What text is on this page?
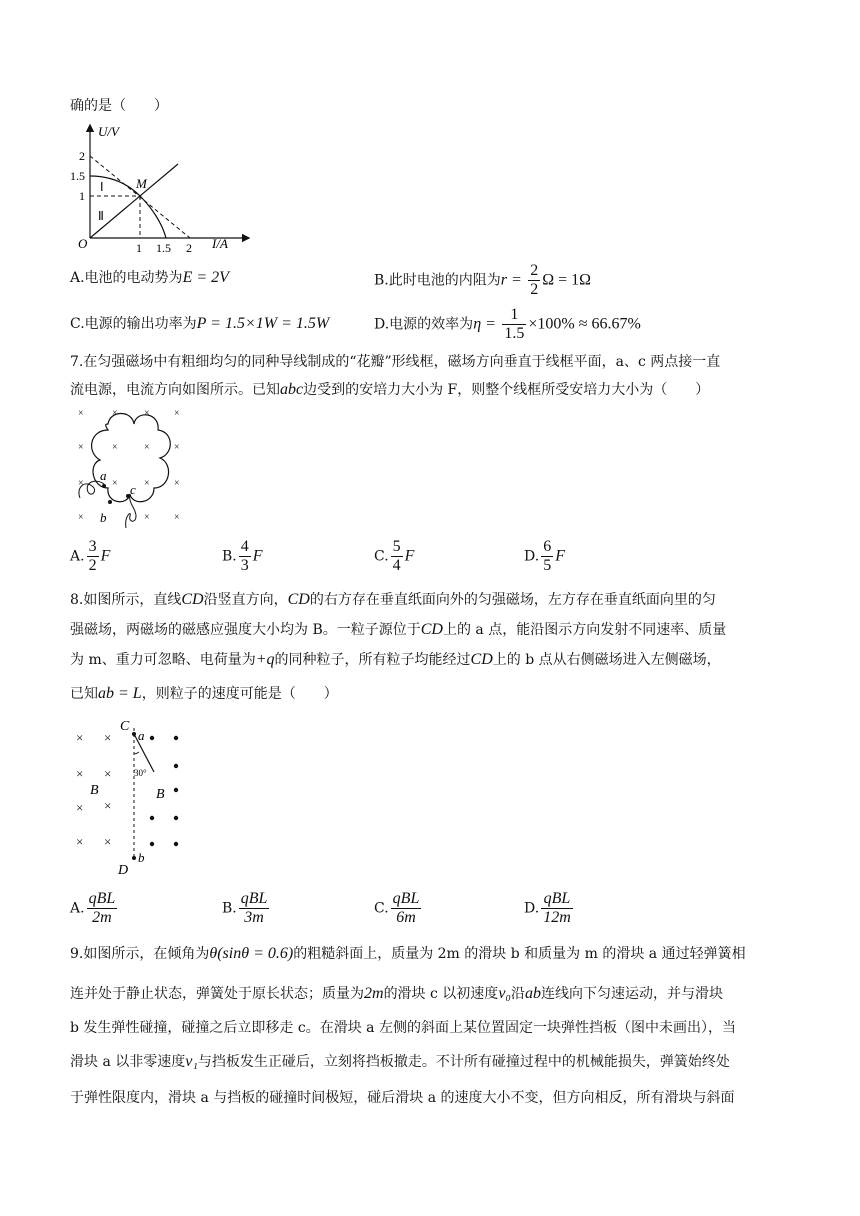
确的是（　　）
U/V
I/A
O
2
1.5
1
1 1.5 2
M
Ⅰ
Ⅱ
A.电池的电动势为E = 2V	B.此时电池的内阻为$r = \frac{2}{2}$ Ω = 1Ω
C.电源的输出功率为P = 1.5×1W = 1.5W	D.电源的效率为$\eta = \frac{1}{1.5} \times 100\% \approx 66.67\%$
7.在匀强磁场中有粗细均匀的同种导线制成的“花瓣”形线框，磁场方向垂直于线框平面，a、c 两点接一直
流电源，电流方向如图所示。已知abc边受到的安培力大小为 F，则整个线框所受安培力大小为（　　）
×	×	× ×
×	×	× ×
×	×	× ×
×	× ×
a
b
c
A. $\frac{3}{2}$ F	B. $\frac{4}{3}$ F	C. $\frac{5}{4}$ F	D. $\frac{6}{5}$ F
8.如图所示，直线CD沿竖直方向，CD的右方存在垂直纸面向外的匀强磁场，左方存在垂直纸面向里的匀
强磁场，两磁场的磁感应强度大小均为 B。一粒子源位于CD上的 a 点，能沿图示方向发射不同速率、质量
为 m、重力可忽略、电荷量为+q的同种粒子，所有粒子均能经过CD上的 b 点从右侧磁场进入左侧磁场，
已知ab = L，则粒子的速度可能是（　　）
× ×
× ×
×
× ×
×
C
a
30°
B	B
b
D
A. $\frac{\text{qBL}}{2m}$	B. $\frac{\text{qBL}}{3m}$	C. $\frac{\text{qBL}}{6m}$	D. $\frac{\text{qBL}}{12m}$
9.如图所示，在倾角为θ(sinθ = 0.6)的粗糙斜面上，质量为 2m 的滑块 b 和质量为 m 的滑块 a 通过轻弹簧相
连并处于静止状态，弹簧处于原长状态；质量为2m的滑块 c 以初速度v₀沿ab连线向下匀速运动，并与滑块
b 发生弹性碰撞，碰撞之后立即移走 c。在滑块 a 左侧的斜面上某位置固定一块弹性挡板（图中未画出），当
滑块 a 以非零速度v₁与挡板发生正碰后，立刻将挡板撤走。不计所有碰撞过程中的机械能损失，弹簧始终处
于弹性限度内，滑块 a 与挡板的碰撞时间极短，碰后滑块 a 的速度大小不变，但方向相反，所有滑块与斜面
